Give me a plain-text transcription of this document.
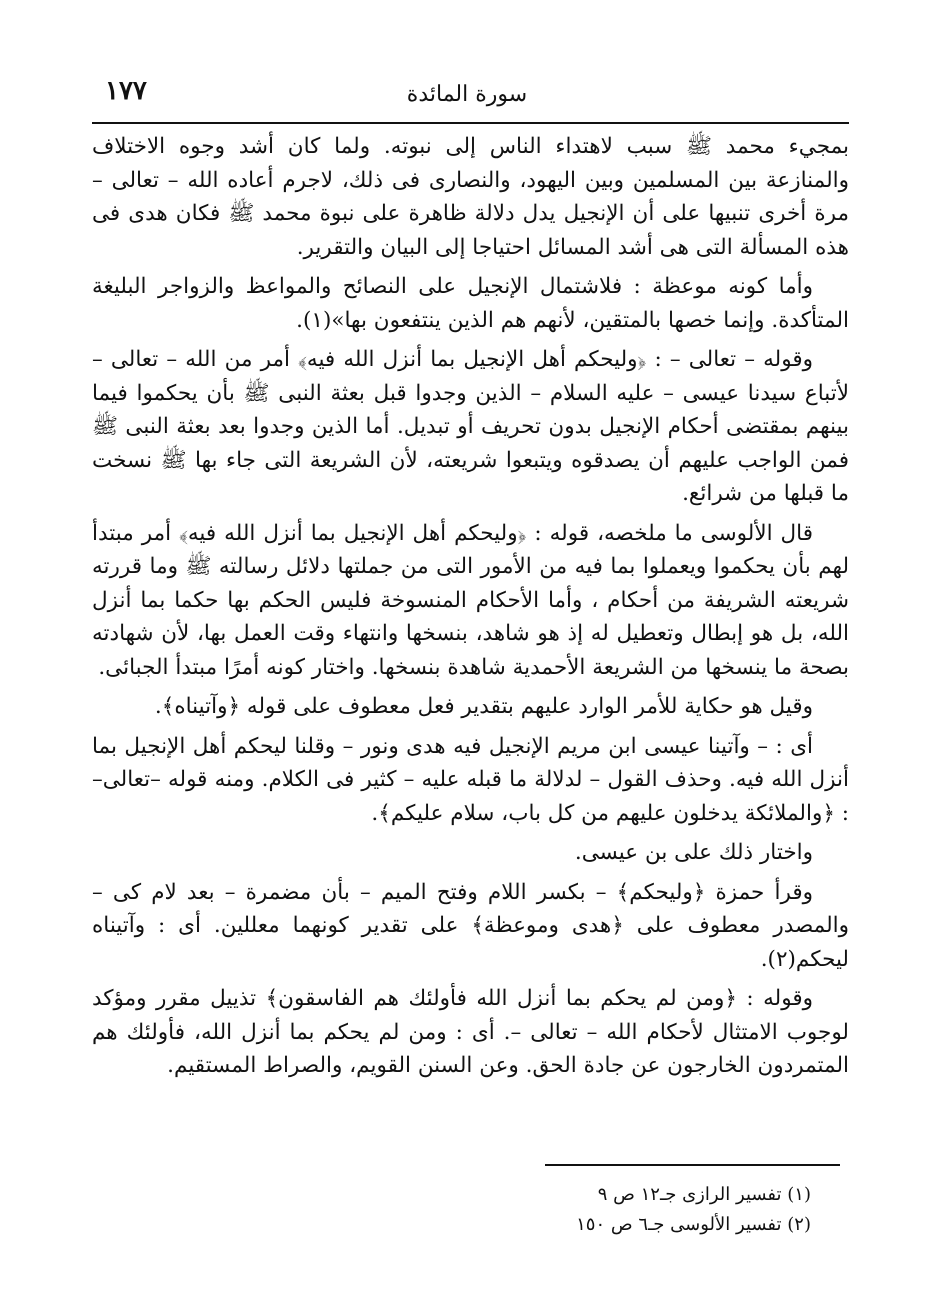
١٧٧	سورة المائدة

بمجيء محمد ﷺ سبب لاهتداء الناس إلى نبوته. ولما كان أشد وجوه الاختلاف والمنازعة بين المسلمين وبين اليهود، والنصارى فى ذلك، لاجرم أعاده الله – تعالى – مرة أخرى تنبيها على أن الإنجيل يدل دلالة ظاهرة على نبوة محمد ﷺ فكان هدى فى هذه المسألة التى هى أشد المسائل احتياجا إلى البيان والتقرير.

وأما كونه موعظة : فلاشتمال الإنجيل على النصائح والمواعظ والزواجر البليغة المتأكدة. وإنما خصها بالمتقين، لأنهم هم الذين ينتفعون بها»(١).

وقوله – تعالى – : ﴿وليحكم أهل الإنجيل بما أنزل الله فيه﴾ أمر من الله – تعالى – لأتباع سيدنا عيسى – عليه السلام – الذين وجدوا قبل بعثة النبى ﷺ بأن يحكموا فيما بينهم بمقتضى أحكام الإنجيل بدون تحريف أو تبديل. أما الذين وجدوا بعد بعثة النبى ﷺ فمن الواجب عليهم أن يصدقوه ويتبعوا شريعته، لأن الشريعة التى جاء بها ﷺ نسخت ما قبلها من شرائع.

قال الألوسى ما ملخصه، قوله : ﴿وليحكم أهل الإنجيل بما أنزل الله فيه﴾ أمر مبتدأ لهم بأن يحكموا ويعملوا بما فيه من الأمور التى من جملتها دلائل رسالته ﷺ وما قررته شريعته الشريفة من أحكام ، وأما الأحكام المنسوخة فليس الحكم بها حكما بما أنزل الله، بل هو إبطال وتعطيل له إذ هو شاهد، بنسخها وانتهاء وقت العمل بها، لأن شهادته بصحة ما ينسخها من الشريعة الأحمدية شاهدة بنسخها. واختار كونه أمرًا مبتدأ الجبائى.

وقيل هو حكاية للأمر الوارد عليهم بتقدير فعل معطوف على قوله ﴿وآتيناه﴾.

أى : – وآتينا عيسى ابن مريم الإنجيل فيه هدى ونور – وقلنا ليحكم أهل الإنجيل بما أنزل الله فيه. وحذف القول – لدلالة ما قبله عليه – كثير فى الكلام. ومنه قوله –تعالى– : ﴿والملائكة يدخلون عليهم من كل باب، سلام عليكم﴾.

واختار ذلك على بن عيسى.

وقرأ حمزة ﴿وليحكم﴾ – بكسر اللام وفتح الميم – بأن مضمرة – بعد لام كى – والمصدر معطوف على ﴿هدى وموعظة﴾ على تقدير كونهما معللين. أى : وآتيناه ليحكم(٢).

وقوله : ﴿ومن لم يحكم بما أنزل الله فأولئك هم الفاسقون﴾ تذييل مقرر ومؤكد لوجوب الامتثال لأحكام الله – تعالى –. أى : ومن لم يحكم بما أنزل الله، فأولئك هم المتمردون الخارجون عن جادة الحق. وعن السنن القويم، والصراط المستقيم.

(١) تفسير الرازى جـ١٢ ص ٩
(٢) تفسير الألوسى جـ٦ ص ١٥٠
